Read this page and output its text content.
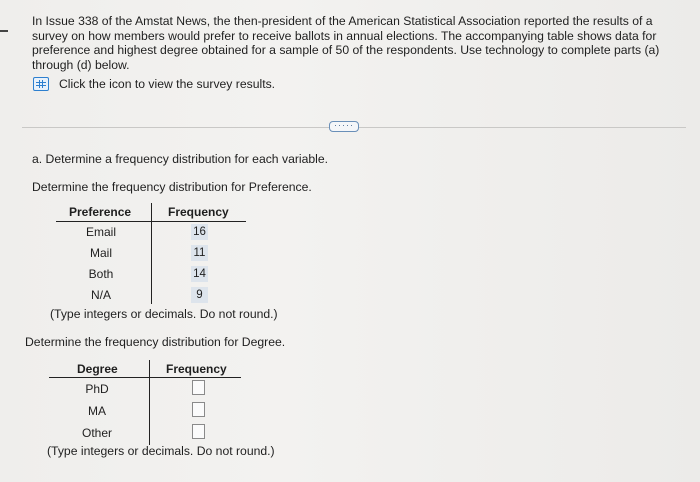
In Issue 338 of the Amstat News, the then-president of the American Statistical Association reported the results of a survey on how members would prefer to receive ballots in annual elections. The accompanying table shows data for preference and highest degree obtained for a sample of 50 of the respondents. Use technology to complete parts (a) through (d) below.
Click the icon to view the survey results.
·····
a. Determine a frequency distribution for each variable.
Determine the frequency distribution for Preference.
Preference	Frequency
Email	16
Mail	11
Both	14
N/A	9
(Type integers or decimals. Do not round.)
Determine the frequency distribution for Degree.
Degree	Frequency
PhD
MA
Other
(Type integers or decimals. Do not round.)
